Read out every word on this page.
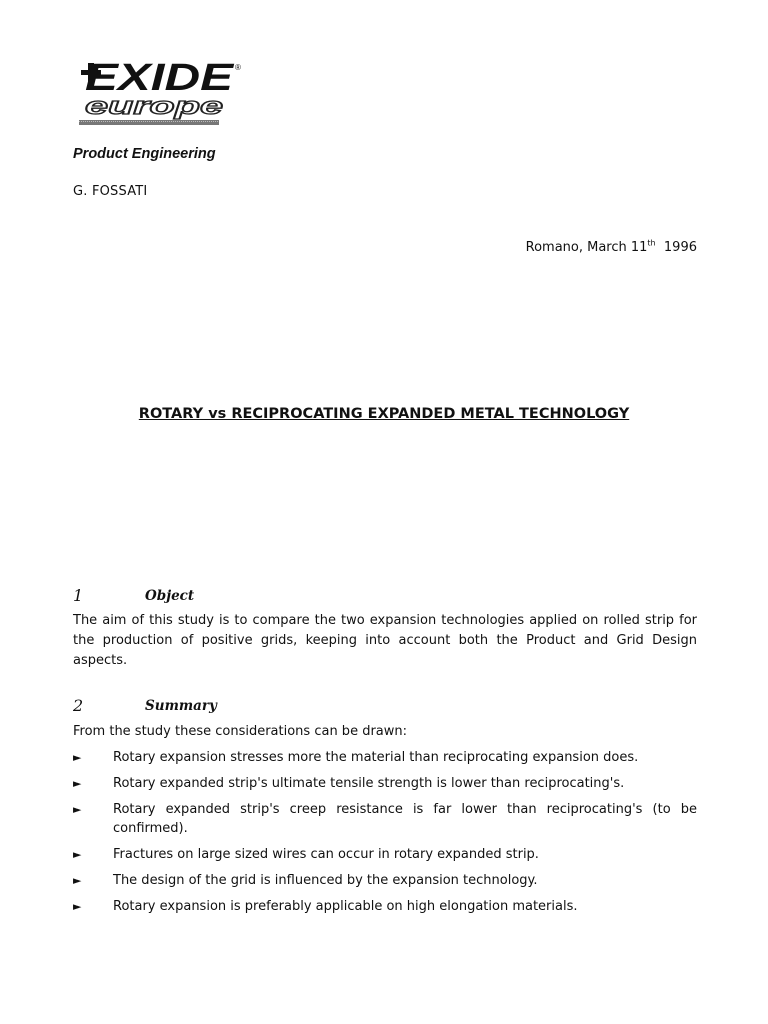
EXIDE ®
europe
Product Engineering
G. FOSSATI
Romano, March 11th 1996
ROTARY vs RECIPROCATING EXPANDED METAL TECHNOLOGY
1	Object

The aim of this study is to compare the two expansion technologies applied on rolled strip for the production of positive grids, keeping into account both the Product and Grid Design aspects.

2	Summary

From the study these considerations can be drawn:

► Rotary expansion stresses more the material than reciprocating expansion does.
► Rotary expanded strip's ultimate tensile strength is lower than reciprocating's.
► Rotary expanded strip's creep resistance is far lower than reciprocating's (to be confirmed).
► Fractures on large sized wires can occur in rotary expanded strip.
► The design of the grid is influenced by the expansion technology.
► Rotary expansion is preferably applicable on high elongation materials.
